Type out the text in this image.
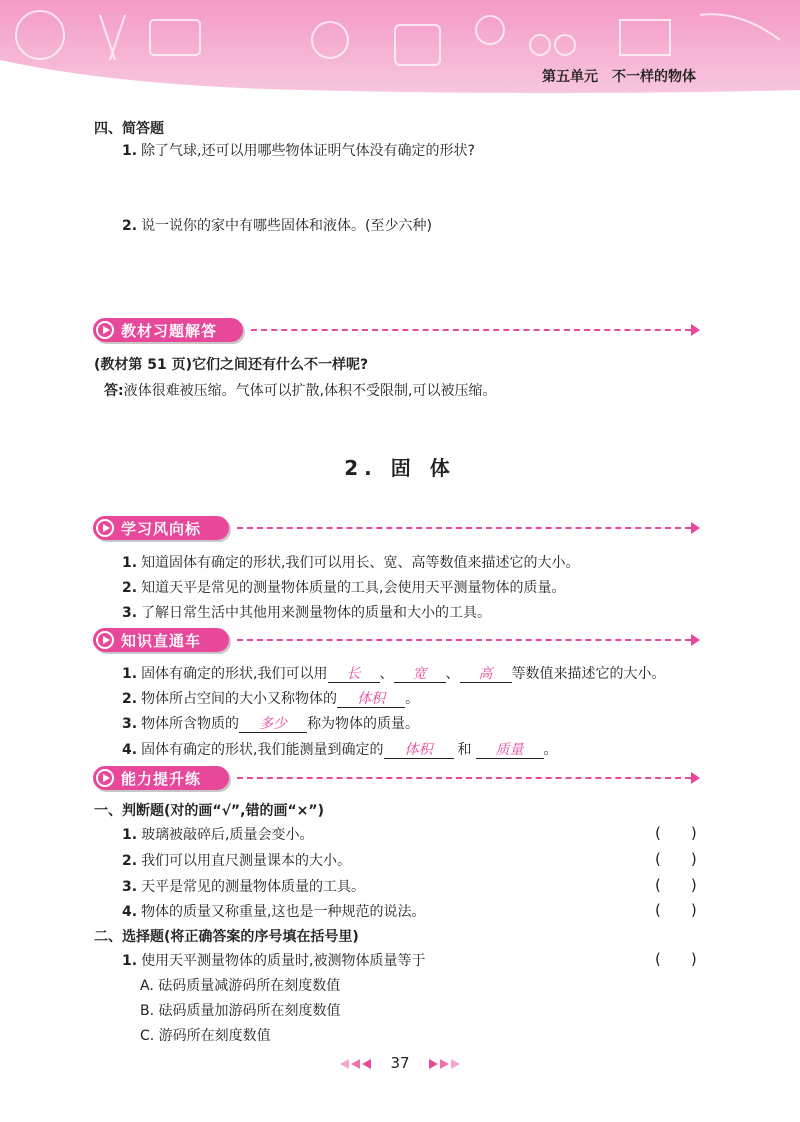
第五单元　不一样的物体
四、简答题
1. 除了气球,还可以用哪些物体证明气体没有确定的形状?
2. 说一说你的家中有哪些固体和液体。(至少六种)
教材习题解答
(教材第 51 页)它们之间还有什么不一样呢?
答:液体很难被压缩。气体可以扩散,体积不受限制,可以被压缩。
2. 固 体
学习风向标
1. 知道固体有确定的形状,我们可以用长、宽、高等数值来描述它的大小。
2. 知道天平是常见的测量物体质量的工具,会使用天平测量物体的质量。
3. 了解日常生活中其他用来测量物体的质量和大小的工具。
知识直通车
1. 固体有确定的形状,我们可以用 长 、 宽 、 高 等数值来描述它的大小。
2. 物体所占空间的大小又称物体的 体积 。
3. 物体所含物质的 多少 称为物体的质量。
4. 固体有确定的形状,我们能测量到确定的 体积 和 质量 。
能力提升练
一、判断题(对的画“√”,错的画“×”)
1. 玻璃被敲碎后,质量会变小。	(　　)
2. 我们可以用直尺测量课本的大小。	(　　)
3. 天平是常见的测量物体质量的工具。	(　　)
4. 物体的质量又称重量,这也是一种规范的说法。	(　　)
二、选择题(将正确答案的序号填在括号里)
1. 使用天平测量物体的质量时,被测物体质量等于	(　　)
A. 砝码质量减游码所在刻度数值
B. 砝码质量加游码所在刻度数值
C. 游码所在刻度数值
37
